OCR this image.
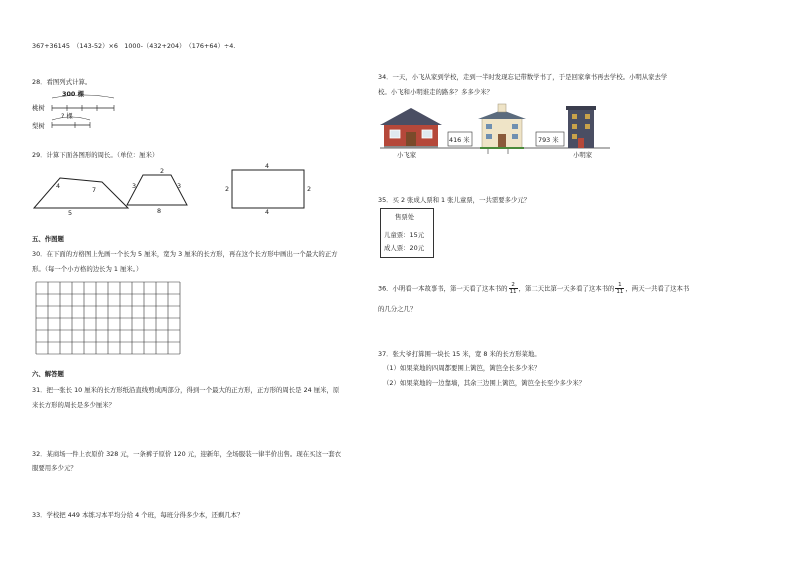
367+36145　（143-52）×6　1000-（432+204）　（176+64）÷4.
28．看图列式计算。
300 棵
桃树
梨树
? 棵
29．计算下面各图形的周长。（单位：厘米）
4	7
5
2
3	3
8
4
2	2
4
五、作图题
30．在下面的方格图上先画一个长为 5 厘米，宽为 3 厘米的长方形，再在这个长方形中画出一个最大的正方
形。（每一个小方格的边长为 1 厘米。）
六、解答题
31．把一张长 10 厘米的长方形纸沿直线剪成两部分，得到一个最大的正方形，正方形的周长是 24 厘米，原
来长方形的周长是多少厘米？
32．某商场一件上衣原价 328 元，一条裤子原价 120 元，迎新年，全场服装一律半价出售。现在买这一套衣
服要用多少元？
33．学校把 449 本练习本平均分给 4 个班，每班分得多少本，还剩几本？
34．一天，小飞从家到学校，走到一半时发现忘记带数学书了，于是回家拿书再去学校。小明从家去学
校。小飞和小明谁走的路多？多多少米？
416 米	793 米
小飞家	小明家
35．买 2 张成人票和 1 张儿童票，一共需要多少元？
售票处
儿童票：15元
成人票：20元
36．小明看一本故事书，第一天看了这本书的 $\frac{2}{11}$ ，第二天比第一天多看了这本书的 $\frac{1}{11}$ ，两天一共看了这本书
的几分之几？
37．张大爷打算围一块长 15 米，宽 8 米的长方形菜地。
（1）如果菜地的四周都要围上篱笆，篱笆全长多少米？
（2）如果菜地的一边靠墙，其余三边围上篱笆，篱笆全长至少多少米？
